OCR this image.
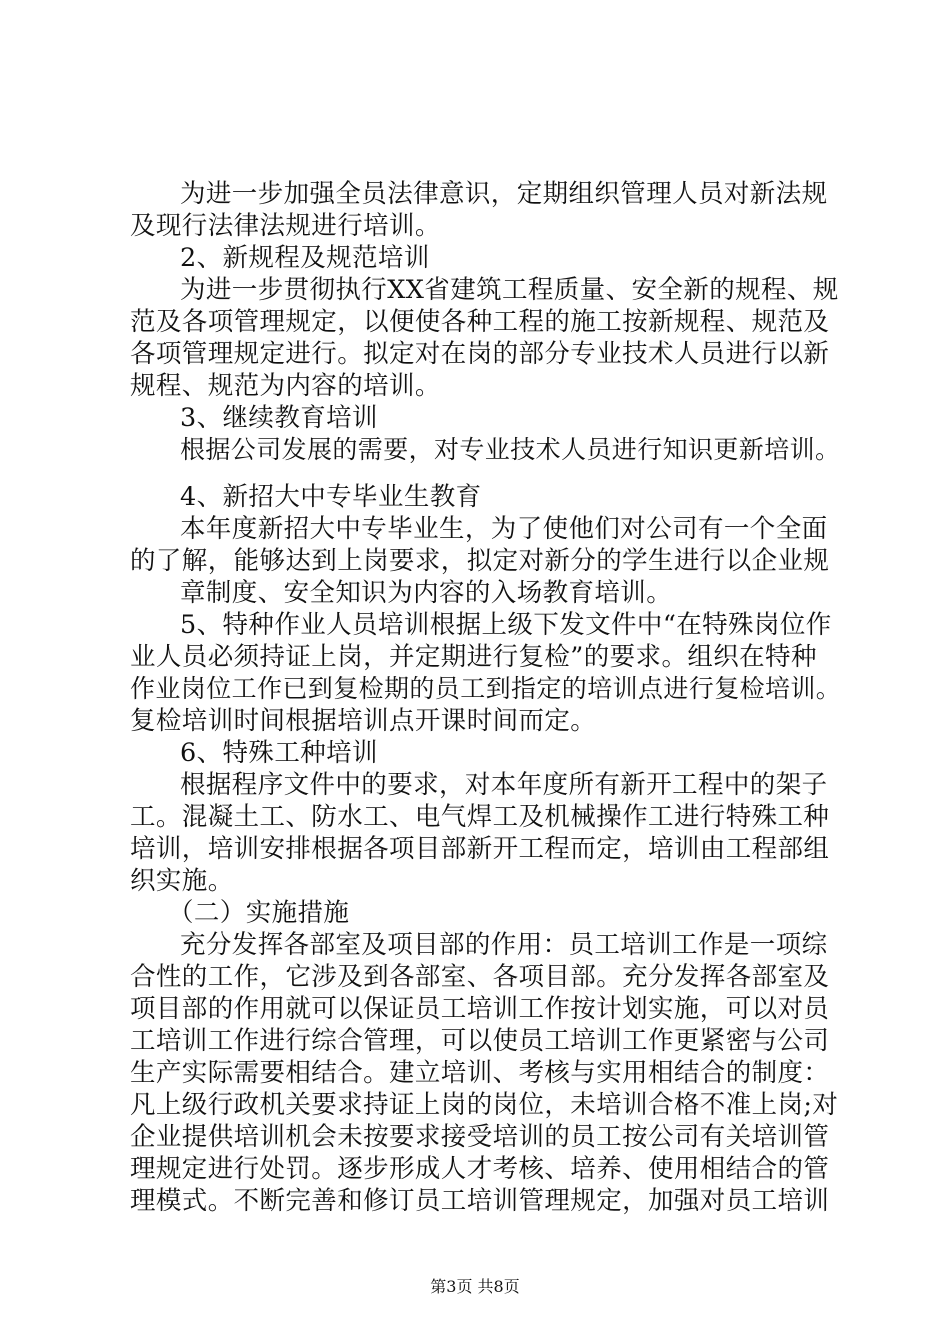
为进一步加强全员法律意识，定期组织管理人员对新法规
及现行法律法规进行培训。
2、新规程及规范培训
为进一步贯彻执行XX省建筑工程质量、安全新的规程、规
范及各项管理规定，以便使各种工程的施工按新规程、规范及
各项管理规定进行。拟定对在岗的部分专业技术人员进行以新
规程、规范为内容的培训。
3、继续教育培训
根据公司发展的需要，对专业技术人员进行知识更新培训。
4、新招大中专毕业生教育
本年度新招大中专毕业生，为了使他们对公司有一个全面
的了解，能够达到上岗要求，拟定对新分的学生进行以企业规
章制度、安全知识为内容的入场教育培训。
5、特种作业人员培训根据上级下发文件中“在特殊岗位作
业人员必须持证上岗，并定期进行复检”的要求。组织在特种
作业岗位工作已到复检期的员工到指定的培训点进行复检培训。
复检培训时间根据培训点开课时间而定。
6、特殊工种培训
根据程序文件中的要求，对本年度所有新开工程中的架子
工。混凝土工、防水工、电气焊工及机械操作工进行特殊工种
培训，培训安排根据各项目部新开工程而定，培训由工程部组
织实施。
（二）实施措施
充分发挥各部室及项目部的作用：员工培训工作是一项综
合性的工作，它涉及到各部室、各项目部。充分发挥各部室及
项目部的作用就可以保证员工培训工作按计划实施，可以对员
工培训工作进行综合管理，可以使员工培训工作更紧密与公司
生产实际需要相结合。建立培训、考核与实用相结合的制度：
凡上级行政机关要求持证上岗的岗位，未培训合格不准上岗;对
企业提供培训机会未按要求接受培训的员工按公司有关培训管
理规定进行处罚。逐步形成人才考核、培养、使用相结合的管
理模式。不断完善和修订员工培训管理规定，加强对员工培训
第3页 共8页
